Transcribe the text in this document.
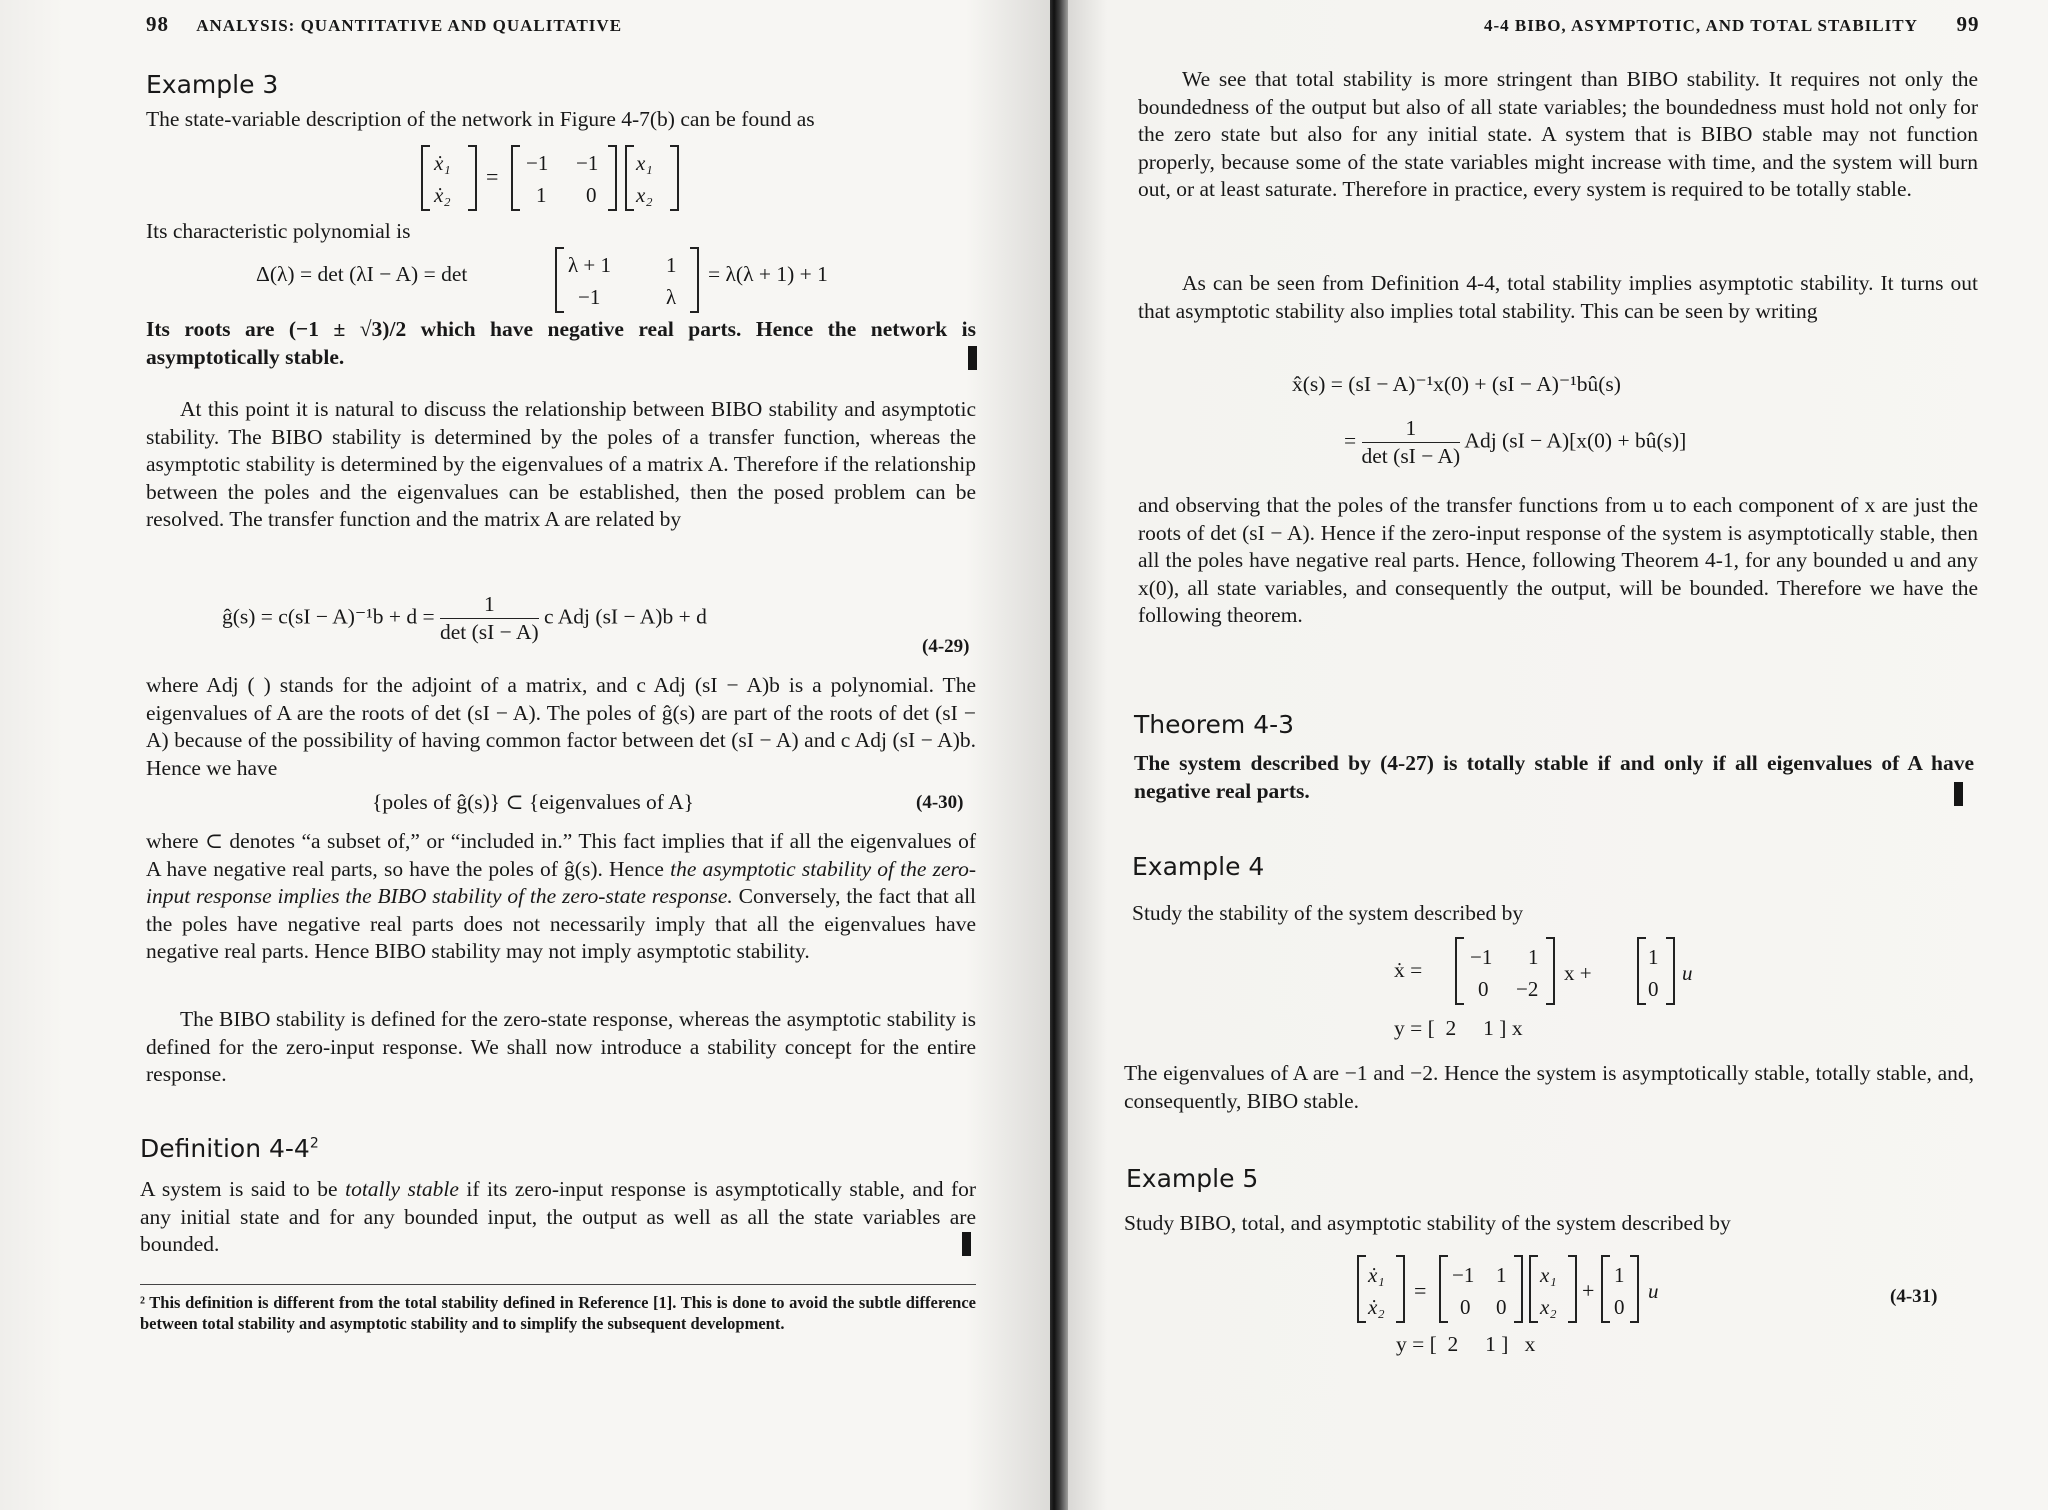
98 ANALYSIS: QUANTITATIVE AND QUALITATIVE
Example 3
The state-variable description of the network in Figure 4-7(b) can be found as
ẋ₁
ẋ₂
=
−1 −1
1 0
x₁
x₂
Its characteristic polynomial is
Δ(λ) = det (λI − A) = det	λ + 1	1
−1	λ
= λ(λ + 1) + 1
Its roots are (−1 ± √3)/2 which have negative real parts. Hence the network is asymptotically stable.
At this point it is natural to discuss the relationship between BIBO stability and asymptotic stability. The BIBO stability is determined by the poles of a transfer function, whereas the asymptotic stability is determined by the eigenvalues of a matrix A. Therefore if the relationship between the poles and the eigenvalues can be established, then the posed problem can be resolved. The transfer function and the matrix A are related by
ĝ(s) = $c(sI - A)^{-1}b + d = \frac{1}{\det (sI - A)}$ c Adj (sI − A)b + d
(4-29)
where Adj ( ) stands for the adjoint of a matrix, and c Adj (sI − A)b is a polynomial. The eigenvalues of A are the roots of det (sI − A). The poles of ĝ(s) are part of the roots of det (sI − A) because of the possibility of having common factor between det (sI − A) and c Adj (sI − A)b. Hence we have
{poles of ĝ(s)} ⊂ {eigenvalues of A}	(4-30)
where ⊂ denotes “a subset of,” or “included in.” This fact implies that if all the eigenvalues of A have negative real parts, so have the poles of ĝ(s). Hence the asymptotic stability of the zero-input response implies the BIBO stability of the zero-state response. Conversely, the fact that all the poles have negative real parts does not necessarily imply that all the eigenvalues have negative real parts. Hence BIBO stability may not imply asymptotic stability.
The BIBO stability is defined for the zero-state response, whereas the asymptotic stability is defined for the zero-input response. We shall now introduce a stability concept for the entire response.
Definition $4-4^2$
A system is said to be totally stable if its zero-input response is asymptotically stable, and for any initial state and for any bounded input, the output as well as all the state variables are bounded.
² This definition is different from the total stability defined in Reference [1]. This is done to avoid the subtle difference between total stability and asymptotic stability and to simplify the subsequent development.
4-4 BIBO, ASYMPTOTIC, AND TOTAL STABILITY 99
We see that total stability is more stringent than BIBO stability. It requires not only the boundedness of the output but also of all state variables; the boundedness must hold not only for the zero state but also for any initial state. A system that is BIBO stable may not function properly, because some of the state variables might increase with time, and the system will burn out, or at least saturate. Therefore in practice, every system is required to be totally stable.
As can be seen from Definition 4-4, total stability implies asymptotic stability. It turns out that asymptotic stability also implies total stability. This can be seen by writing
x̂(s) = (sI − A)⁻¹x(0) + (sI − A)⁻¹bû(s)
= $\frac{1}{\det (sI - A)}$ Adj (sI − A)[x(0) + bû(s)]
and observing that the poles of the transfer functions from u to each component of x are just the roots of det (sI − A). Hence if the zero-input response of the system is asymptotically stable, then all the poles have negative real parts. Hence, following Theorem 4-1, for any bounded u and any x(0), all state variables, and consequently the output, will be bounded. Therefore we have the following theorem.
Theorem 4-3
The system described by (4-27) is totally stable if and only if all eigenvalues of A have negative real parts.
Example 4
Study the stability of the system described by
ẋ =
−1 1
0 −2
x +
1
0
u
y = [  2     1 ] x
The eigenvalues of A are −1 and −2. Hence the system is asymptotically stable, totally stable, and, consequently, BIBO stable.
Example 5
Study BIBO, total, and asymptotic stability of the system described by
ẋ₁
ẋ₂
=
−1 1
0 0
x₁
x₂
+
1
0
u	(4-31)
y = [  2     1 ]   x
